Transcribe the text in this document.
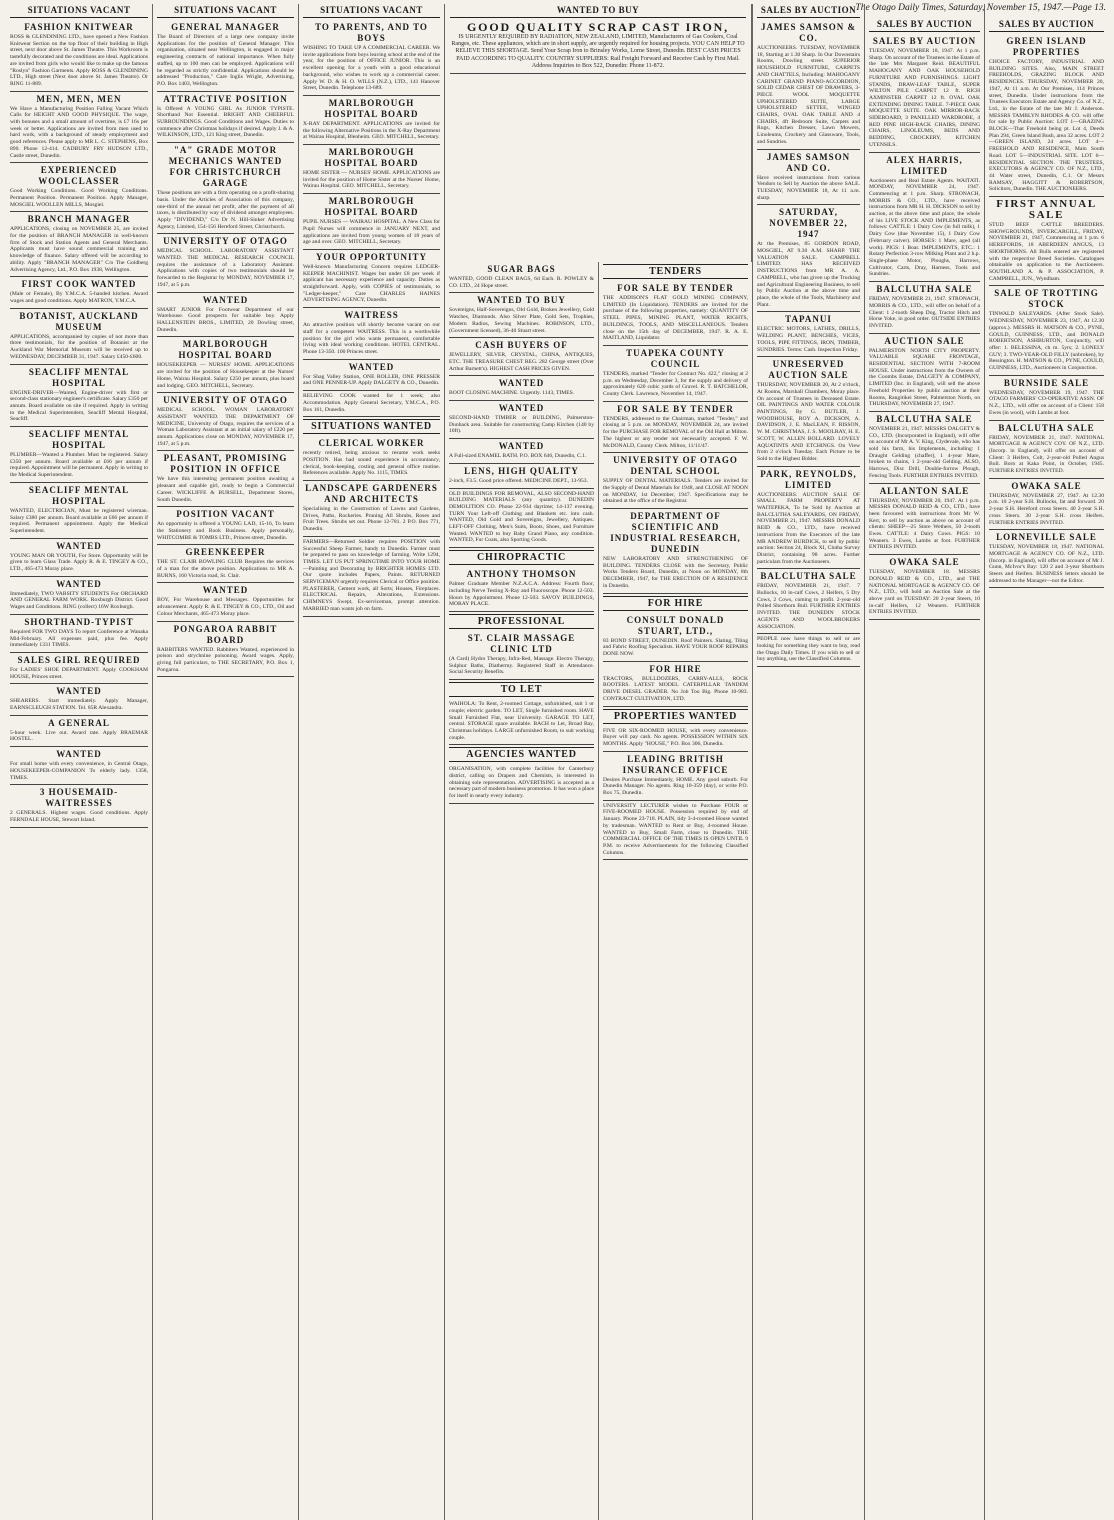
The Otago Daily Times, Saturday, November 15, 1947.—Page 13.
SITUATIONS VACANT
FASHION KNITWEAR
ROSS & GLENDINING LTD., have opened a New Fashion Knitwear Section on the top floor of their building in High street, next door above St. James Theatre. This Workroom is tastefully decorated and the conditions are ideal. Applications are invited from girls who would like to make up the famous "Roslyn" Fashion Garments. Apply ROSS & GLENDINING LTD., High street (Next door above St. James Theatre). Or RING 11-889.
MEN, MEN, MEN
We Have a Manufacturing Position Falling Vacant Which Calls for HEIGHT AND GOOD PHYSIQUE. The wage, with bonuses and a small amount of overtime, is £7 16s per week or better. Applications are invited from men used to hard work, with a background of steady employment and good references. Please apply to MR L. C. STEPHENS, Box 890. Phone 12-414. CADBURY FRY HUDSON LTD., Castle street, Dunedin.
EXPERIENCED WOOLCLASSER
Good Working Conditions. Good Working Conditions. Permanent Position. Permanent Position. Apply Manager, MOSGIEL WOOLLEN MILLS, Mosgiel.
BRANCH MANAGER
APPLICATIONS, closing on NOVEMBER 25, are invited for the position of BRANCH MANAGER in well-known firm of Stock and Station Agents and General Merchants. Applicants must have sound commercial training and knowledge of finance. Salary offered will be according to ability. Apply "BRANCH MANAGER" C/o The Goldberg Advertising Agency, Ltd., P.O. Box 1938, Wellington.
FIRST COOK WANTED
(Male or Female), By Y.M.C.A. 5-handed kitchen. Award wages and good conditions. Apply MATRON, Y.M.C.A.
BOTANIST, AUCKLAND MUSEUM
APPLICATIONS, accompanied by copies of not more than three testimonials, for the position of Botanist at the Auckland War Memorial Museum will be received up to WEDNESDAY, DECEMBER 31, 1947. Salary £450-£600.
SEACLIFF MENTAL HOSPITAL
ENGINE-DRIVER—Wanted, Engine-driver with first or second-class stationary engineer's certificate. Salary £350 per annum. Board available on site if required. Apply in writing to the Medical Superintendent, Seacliff Mental Hospital, Seacliff.
SEACLIFF MENTAL HOSPITAL
PLUMBER—Wanted a Plumber. Must be registered. Salary £350 per annum. Board available at £66 per annum if required. Appointment will be permanent. Apply in writing to the Medical Superintendent.
SEACLIFF MENTAL HOSPITAL
WANTED, ELECTRICIAN, Must be registered wireman. Salary £380 per annum. Board available at £66 per annum if required. Permanent appointment. Apply the Medical Superintendent.
WANTED
YOUNG MAN OR YOUTH, For Store. Opportunity will be given to learn Glass Trade. Apply R. & E. TINGEY & CO., LTD., 465-473 Moray place.
WANTED
Immediately, TWO VARSITY STUDENTS For ORCHARD AND GENERAL FARM WORK. Roxburgh District. Good Wages and Conditions. RING (collect) 16W Roxburgh.
SHORTHAND-TYPIST
Required FOR TWO DAYS To report Conference at Wanaka Mid-February. All expenses paid, plus fee. Apply immediately 1331 TIMES.
SALES GIRL REQUIRED
For LADIES' SHOE DEPARTMENT. Apply COOKHAM HOUSE, Princes street.
WANTED
SHEARERS. Start immediately. Apply Manager, EARNSCLEUGH STATION. Tel. 85R Alexandra.
A GENERAL
5-hour week. Live out. Award rate. Apply BRAEMAR HOSTEL.
WANTED
For small home with every convenience, in Central Otago, HOUSEKEEPER-COMPANION To elderly lady. 1358, TIMES.
3 HOUSEMAID-WAITRESSES
2 GENERALS. Highest wages. Good conditions. Apply FERNDALE HOUSE, Stewart Island.
SITUATIONS VACANT
GENERAL MANAGER
The Board of Directors of a large new company invite Applications for the position of General Manager. This organisation, situated near Wellington, is engaged in major engineering contracts of national importance. When fully staffed, up to 100 men can be employed. Applications will be regarded as strictly confidential. Applications should be addressed "Production," Care Inglis Wright, Advertising, P.O. Box 1403, Wellington.
ATTRACTIVE POSITION
Is Offered A YOUNG GIRL As JUNIOR TYPISTE. Shorthand Not Essential. BRIGHT AND CHEERFUL SURROUNDINGS. Good Conditions and Wages. Duties to commence after Christmas holidays if desired. Apply J. & A. WILKINSON, LTD., 121 King street, Dunedin.
"A" GRADE MOTOR MECHANICS WANTED FOR CHRISTCHURCH GARAGE
These positions are with a firm operating on a profit-sharing basis. Under the Articles of Association of this company, one-third of the annual net profit, after the payment of all taxes, is distributed by way of dividend amongst employees. Apply "DIVIDEND," C/o Dr N. Hill-Sinker Advertising Agency, Limited, 154-156 Hereford Street, Christchurch.
UNIVERSITY OF OTAGO
MEDICAL SCHOOL. LABORATORY ASSISTANT WANTED. THE MEDICAL RESEARCH COUNCIL requires the assistance of a Laboratory Assistant. Applications with copies of two testimonials should be forwarded to the Registrar by MONDAY, NOVEMBER 17, 1947, at 5 p.m.
WANTED
SMART JUNIOR For Footwear Department of our Warehouse. Good prospects for suitable boy. Apply HALLENSTEIN BROS., LIMITED, 20 Dowling street, Dunedin.
MARLBOROUGH HOSPITAL BOARD
HOUSEKEEPER — NURSES' HOME. APPLICATIONS are invited for the position of Housekeeper at the Nurses' Home, Wairau Hospital. Salary £250 per annum, plus board and lodging. GEO. MITCHELL, Secretary.
UNIVERSITY OF OTAGO
MEDICAL SCHOOL. WOMAN LABORATORY ASSISTANT WANTED. THE DEPARTMENT OF MEDICINE, University of Otago, requires the services of a Woman Laboratory Assistant at an initial salary of £220 per annum. Applications close on MONDAY, NOVEMBER 17, 1947, at 5 p.m.
PLEASANT, PROMISING POSITION IN OFFICE
We have this interesting permanent position awaiting a pleasant and capable girl, ready to begin a Commercial Career. WICKLIFFE & BURSELL, Department Stores, South Dunedin.
POSITION VACANT
An opportunity is offered a YOUNG LAD, 15-16, To learn the Stationery and Book Business. Apply personally, WHITCOMBE & TOMBS LTD., Princes street, Dunedin.
GREENKEEPER
THE ST. CLAIR BOWLING CLUB Requires the services of a man for the above position. Applications to MR A. BURNS, 160 Victoria road, St. Clair.
WANTED
BOY, For Warehouse and Messages. Opportunities for advancement. Apply R. & E. TINGEY & CO., LTD., Oil and Colour Merchants, 465-473 Moray place.
PONGAROA RABBIT BOARD
RABBITERS WANTED. Rabbiters Wanted, experienced in poison and strychnine poisoning. Award wages. Apply, giving full particulars, to THE SECRETARY, P.O. Box 1, Pongaroa.
SITUATIONS VACANT
TO PARENTS, AND TO BOYS
WISHING TO TAKE UP A COMMERCIAL CAREER. We invite applications from boys leaving school at the end of the year, for the position of OFFICE JUNIOR. This is an excellent opening for a youth with a good educational background, who wishes to work up a commercial career. Apply W. D. & H. O. WILLS (N.Z.), LTD., 141 Hanover Street, Dunedin. Telephone 13-689.
MARLBOROUGH HOSPITAL BOARD
X-RAY DEPARTMENT. APPLICATIONS are invited for the following Alternative Positions in the X-Ray Department at Wairau Hospital, Blenheim. GEO. MITCHELL, Secretary.
MARLBOROUGH HOSPITAL BOARD
HOME SISTER — NURSES' HOME. APPLICATIONS are invited for the position of Home Sister at the Nurses' Home, Wairau Hospital. GEO. MITCHELL, Secretary.
MARLBOROUGH HOSPITAL BOARD
PUPIL NURSES — WAIRAU HOSPITAL. A New Class for Pupil Nurses will commence in JANUARY NEXT, and applications are invited from young women of 18 years of age and over. GEO. MITCHELL, Secretary.
YOUR OPPORTUNITY
Well-known Manufacturing Concern requires LEDGER-KEEPER MACHINIST. Wages but under £8 per week if applicant has necessary experience and capacity. Duties as straightforward. Apply, with COPIES of testimonials, to "Ledger-keeper," Care CHARLES HAINES ADVERTISING AGENCY, Dunedin.
WAITRESS
An attractive position will shortly become vacant on our staff for a competent WAITRESS. This is a worthwhile position for the girl who wants permanent, comfortable living with ideal working conditions. HOTEL CENTRAL. Phone 13-350. 100 Princes street.
WANTED
For Shag Valley Station, ONE ROLLER, ONE PRESSER and ONE PENNER-UP. Apply DALGETY & CO., Dunedin.
RELIEVING COOK wanted for 1 week; also Accommodation. Apply General Secretary, Y.M.C.A., P.O. Box 161, Dunedin.
SITUATIONS WANTED
CLERICAL WORKER
recently retired, being anxious to resume work seeks POSITION. Has had sound experience in accountancy, clerical, book-keeping, costing and general office routine. References available. Apply No. 1115, TIMES.
LANDSCAPE GARDENERS AND ARCHITECTS
Specialising in the Construction of Lawns and Gardens, Drives, Paths, Rockeries. Pruning All Shrubs, Roses and Fruit Trees. Shrubs set out. Phone 12-781. 2 P.O. Box 771, Dunedin.
FARMERS—Returned Soldier requires POSITION with Successful Sheep Farmer, handy to Dunedin. Farmer must be prepared to pass on knowledge of farming. Write 1294, TIMES. LET US PUT SPRINGTIME INTO YOUR HOME—Painting and Decorating by BRIGHTER HOMES LTD. Our quote includes Papers, Paints. RETURNED SERVICEMAN urgently requires Clerical or Office position. PLASTERER, Cement work, all Sorts; Houses, Fireplaces. ELECTRICAL Repairs, Alterations, Extensions. CHIMNEYS Swept, Ex-serviceman, prompt attention. MARRIED man wants job on farm.
WANTED TO BUY
GOOD QUALITY SCRAP CAST IRON,
IS URGENTLY REQUIRED BY RADIATION, NEW ZEALAND, LIMITED, Manufacturers of Gas Cookers, Coal Ranges, etc. These appliances, which are in short supply, are urgently required for housing projects. YOU CAN HELP TO RELIEVE THIS SHORTAGE. Send Your Scrap Iron to Brinsley Works, Lorne Street, Dunedin. BEST CASH PRICES PAID ACCORDING TO QUALITY. COUNTRY SUPPLIERS: Rail Freight Forward and Receive Cash by First Mail. Address Inquiries to Box 522, Dunedin: Phone 11-872.
SUGAR BAGS
WANTED, GOOD CLEAN BAGS, 6d Each. R. POWLEY & CO. LTD., 24 Hope street.
WANTED TO BUY
Sovereigns, Half-Sovereigns, Old Gold, Broken Jewellery, Gold Watches, Diamonds. Also Silver Plate, Gold Sets, Trophies, Modern Radios, Sewing Machines. ROBINSON, LTD., (Government licensed), 36-40 Stuart street.
CASH BUYERS OF
JEWELLERY, SILVER, CRYSTAL, CHINA, ANTIQUES, ETC. THE TREASURE CHEST REG. 282 George street (Over Arthur Barnett's). HIGHEST CASH PRICES GIVEN.
WANTED
BOOT CLOSING MACHINE. Urgently. 1143, TIMES.
WANTED
SECOND-HAND TIMBER or BUILDING, Palmerston-Dunback area. Suitable for constructing Camp Kitchen (140 by 10ft).
WANTED
A Full-sized ENAMEL BATH. P.O. BOX 646, Dunedin, C.1.
LENS, HIGH QUALITY
2-inch, F3.5. Good price offered. MEDICINE DEPT., 13-953.
OLD BUILDINGS FOR REMOVAL, ALSO SECOND-HAND BUILDING MATERIALS (any quantity). DUNEDIN DEMOLITION CO. Phone 22-934 daytime; 14-137 evening. TURN Your Left-off Clothing and Blankets etc. into cash. WANTED, Old Gold and Sovereigns, Jewellery, Antiques. LEFT-OFF Clothing, Men's Suits, Boots, Shoes, and Furniture Wanted. WANTED to buy Baby Grand Piano, any condition. WANTED, Fur Coats, also Sporting Goods.
CHIROPRACTIC
ANTHONY THOMSON
Palmer Graduate Member N.Z.A.C.A. Address: Fourth floor, including Nerve Testing X-Ray and Fluoroscope. Phone 12-503. Hours by Appointment. Phone 12-503. SAVOY BUILDINGS, MORAY PLACE.
PROFESSIONAL
ST. CLAIR MASSAGE CLINIC LTD
(A Card) Hydro Therapy, Infra-Red, Massage. Electro Therapy, Sulphur Baths, Diathermy. Registered Staff in Attendance. Social Security Benefits.
TO LET
WAIHOLA: To Rent, 2-roomed Cottage, unfurnished, suit 1 or couple; electric garden. TO LET, Single furnished room. HAVE Small Furnished Flat, near University. GARAGE TO LET, central. STORAGE space available. BACH to Let, Broad Bay, Christmas holidays. LARGE unfurnished Room, to suit working couple.
AGENCIES WANTED
ORGANISATION, with complete facilities for Canterbury district, calling on Drapers and Chemists, is interested in obtaining sole representation. ADVERTISING is accepted as a necessary part of modern business promotion. It has won a place for itself in nearly every industry.
TENDERS
FOR SALE BY TENDER
THE ADDISON'S FLAT GOLD MINING COMPANY, LIMITED (In Liquidation). TENDERS are invited for the purchase of the following properties, namely: QUANTITY OF STEEL PIPES, MINING PLANT, WATER RIGHTS, BUILDINGS, TOOLS, AND MISCELLANEOUS. Tenders close on the 15th day of DECEMBER, 1947. R. A. E. MAITLAND, Liquidator.
TUAPEKA COUNTY COUNCIL
TENDERS, marked "Tender for Contract No. 422," closing at 2 p.m. on Wednesday, December 3, for the supply and delivery of approximately 620 cubic yards of Gravel. R. T. BATCHELOR, County Clerk. Lawrence, November 14, 1947.
FOR SALE BY TENDER
TENDERS, addressed to the Chairman, marked "Tender," and closing at 5 p.m. on MONDAY, NOVEMBER 24, are invited for the PURCHASE FOR REMOVAL of the Old Hall at Milton. The highest or any tender not necessarily accepted. F. W. McDONALD, County Clerk. Milton, 11/11/47.
UNIVERSITY OF OTAGO DENTAL SCHOOL
SUPPLY OF DENTAL MATERIALS. Tenders are invited for the Supply of Dental Materials for 1948, and CLOSE AT NOON on MONDAY, 1st December, 1947. Specifications may be obtained at the office of the Registrar.
DEPARTMENT OF SCIENTIFIC AND INDUSTRIAL RESEARCH, DUNEDIN
NEW LABORATORY AND STRENGTHENING OF BUILDING. TENDERS CLOSE with the Secretary, Public Works Tenders Board, Dunedin, at Noon on MONDAY, 8th DECEMBER, 1947, for THE ERECTION OF A RESIDENCE in Dunedin.
FOR HIRE
CONSULT DONALD STUART, LTD.,
83 BOND STREET, DUNEDIN. Roof Painters. Slating, Tiling and Fabric Roofing Specialists. HAVE YOUR ROOF REPAIRS DONE NOW.
FOR HIRE
TRACTORS, BULLDOZERS, CARRY-ALLS, ROCK ROOTERS. LATEST MODEL CATERPILLAR TANDEM DRIVE DIESEL GRADER. No Job Too Big. Phone 10-983. CONTRACT CULTIVATION, LTD.
PROPERTIES WANTED
FIVE OR SIX-ROOMED HOUSE, with every convenience. Buyer will pay cash. No agents. POSSESSION WITHIN SIX MONTHS. Apply "HOUSE," P.O. Box 306, Dunedin.
LEADING BRITISH INSURANCE OFFICE
Desires Purchase Immediately, HOME. Any good suburb. For Dunedin Manager. No agents. Ring 10-359 (day), or write P.O. Box 75, Dunedin.
UNIVERSITY LECTURER wishes to Purchase FOUR or FIVE-ROOMED HOUSE. Possession required by end of January. Phone 23-718. PLAIN, tidy 3-4-roomed House wanted by tradesman. WANTED to Rent or Buy, 4-roomed House. WANTED to Buy, Small Farm, close to Dunedin. THE COMMERCIAL OFFICE OF THE TIMES IS OPEN UNTIL 9 P.M. to receive Advertisements for the following Classified Columns.
SALES BY AUCTION
JAMES SAMSON & CO.
AUCTIONEERS. TUESDAY, NOVEMBER 18, Starting at 1.30 Sharp. In Our Downstairs Rooms, Dowling street. SUPERIOR HOUSEHOLD FURNITURE, CARPETS AND CHATTELS, Including: MAHOGANY CABINET GRAND PIANO-ACCORDION, SOLID CEDAR CHEST OF DRAWERS, 3-PIECE WOOL MOQUETTE UPHOLSTERED SUITE, LARGE UPHOLSTERED SETTEE, WINGED CHAIRS, OVAL OAK TABLE AND 4 CHAIRS, 4ft Bedroom Suite, Carpets and Rugs, Kitchen Dresser, Lawn Mowers, Linoleums, Crockery and Glassware, Tools, and Sundries.
JAMES SAMSON AND CO.
Have received instructions from various Vendors to Sell by Auction the above SALE. TUESDAY, NOVEMBER 18, At 11 a.m. sharp.
SATURDAY, NOVEMBER 22, 1947
At the Premises, 85 GORDON ROAD, MOSGIEL, AT 9.30 A.M. SHARP. THE VALUATION SALE. CAMPBELL LIMITED. HAS RECEIVED INSTRUCTIONS from MR A. A. CAMPBELL, who has given up the Trucking and Agricultural Engineering Business, to sell by Public Auction at the above time and place, the whole of the Tools, Machinery and Plant.
TAPANUI
ELECTRIC MOTORS, LATHES, DRILLS, WELDING PLANT, BENCHES, VICES, TOOLS, PIPE FITTINGS, IRON, TIMBER, SUNDRIES. Terms: Cash. Inspection Friday.
UNRESERVED AUCTION SALE
THURSDAY, NOVEMBER 20, At 2 o'clock, At Rooms, Marshall Chambers, Moray place. On account of Trustees in Deceased Estate. OIL PAINTINGS AND WATER COLOUR PAINTINGS, By G. BUTLER, J. WOODHOUSE, ROY A. DICKSON, A. DAVIDSON, J. E. MacLEAN, F. RISSON, W. M. CHRISTMAS, J. S. MOOLRAY, H. E. SCOTT, W. ALLEN BOLLARD. LOVELY AQUATINTS AND ETCHINGS. On View from 2 o'clock Tuesday. Each Picture to be Sold to the Highest Bidder.
PARK, REYNOLDS, LIMITED
AUCTIONEERS. AUCTION SALE OF SMALL FARM PROPERTY AT WAITEPEKA, To be Sold by Auction at BALCLUTHA SALEYARDS, ON FRIDAY, NOVEMBER 21, 1947. MESSRS DONALD REID & CO., LTD., have received instructions from the Executors of the late MR ANDREW BURDICK, to sell by public auction: Section 24, Block XI, Clutha Survey District, containing 98 acres. Further particulars from the Auctioneers.
BALCLUTHA SALE
FRIDAY, NOVEMBER 21, 1947. 7 Bullocks, 10 in-calf Cows, 2 Heifers, 5 Dry Cows, 2 Cows, coming to profit. 2-year-old Polled Shorthorn Bull. FURTHER ENTRIES INVITED. THE DUNEDIN STOCK AGENTS AND WOOLBROKERS ASSOCIATION.
PEOPLE now have things to sell or are looking for something they want to buy, read the Otago Daily Times. If you wish to sell or buy anything, use the Classified Columns.
SALES BY AUCTION
SALES BY AUCTION
TUESDAY, NOVEMBER 18, 1947. At 1 p.m. Sharp. On account of the Trustees in the Estate of the late Mrs Margaret Reid. BEAUTIFUL MAHOGANY AND OAK HOUSEHOLD FURNITURE AND FURNISHINGS. LIGHT STANDS, DRAW-LEAF TABLE, SUPER WILTON PILE CARPET 12 ft. RICH AXMINSTER CARPET 12 ft. OVAL OAK EXTENDING DINING TABLE. 7-PIECE OAK MOQUETTE SUITE. OAK MIRROR-BACK SIDEBOARD, 3 PANELLED WARDROBE, 4 RED PINE HIGH-BACK CHAIRS, DINING CHAIRS, LINOLEUMS, BEDS AND BEDDING, CROCKERY, KITCHEN UTENSILS.
ALEX HARRIS, LIMITED
Auctioneers and Real Estate Agents. WAITATI. MONDAY, NOVEMBER 24, 1947. Commencing at 1 p.m. Sharp. STRONACH, MORRIS & CO., LTD., have received instructions from MR H. H. DICKSON to sell by auction, at the above time and place, the whole of his LIVE STOCK AND IMPLEMENTS, as follows: CATTLE: 1 Dairy Cow (in full milk), 1 Dairy Cow (due November 15), 1 Dairy Cow (February calver). HORSES: 1 Mare, aged (all work). PIGS: 1 Boar. IMPLEMENTS, ETC.: 1 Rotary Perfection 3-row Milking Plant and 2 h.p. Single-phase Motor, Ploughs, Harrows, Cultivator, Carts, Dray, Harness, Tools and Sundries.
BALCLUTHA SALE
FRIDAY, NOVEMBER 21, 1947. STRONACH, MORRIS & CO., LTD., will offer on behalf of a Client: 1 2-tooth Sheep Dog, Tractor Hitch and Horse Yoke, in good order. OUTSIDE ENTRIES INVITED.
AUCTION SALE
PALMERSTON NORTH CITY PROPERTY. VALUABLE SQUARE FRONTAGE, RESIDENTIAL SECTION WITH 7-ROOM HOUSE. Under instructions from the Owners of the Coombs Estate, DALGETY & COMPANY, LIMITED (Inc. in England), will sell the above Freehold Properties by public auction at their Rooms, Rangitikei Street, Palmerston North, on THURSDAY, NOVEMBER 27, 1947.
BALCLUTHA SALE
NOVEMBER 21, 1947. MESSRS DALGETY & CO., LTD. (Incorporated in England), will offer on account of Mr A. V. King, Clydevale, who has sold his farm, his Implements, including: 1 Draught Gelding (chaffer), 1 4-year Mare, broken to chains, 1 2-year-old Gelding. ALSO, Harrows, Disc Drill, Double-furrow Plough, Fencing Tools. FURTHER ENTRIES INVITED.
ALLANTON SALE
THURSDAY, NOVEMBER 20, 1947. At 1 p.m. MESSRS DONALD REID & CO., LTD., have been favoured with instructions from Mr W. Kerr, to sell by auction as above on account of clients: SHEEP—25 Store Wethers, 50 2-tooth Ewes. CATTLE: 4 Dairy Cows. PIGS: 10 Weaners. 3 Ewes, Lambs at foot. FURTHER ENTRIES INVITED.
OWAKA SALE
TUESDAY, NOVEMBER 18. MESSRS DONALD REID & CO., LTD., and THE NATIONAL MORTGAGE & AGENCY CO. OF N.Z., LTD., will hold an Auction Sale at the above yard on TUESDAY: 20 2-year Steers, 10 in-calf Heifers, 12 Weaners. FURTHER ENTRIES INVITED.
SALES BY AUCTION
GREEN ISLAND PROPERTIES
CHOICE FACTORY, INDUSTRIAL AND BUILDING SITES. Also, MAIN STREET FREEHOLDS, GRAZING BLOCK AND RESIDENCES. THURSDAY, NOVEMBER 20, 1947, At 11 a.m. At Our Premises, 114 Princes street, Dunedin. Under instructions from the Trustees Executors Estate and Agency Co. of N.Z., Ltd., in the Estate of the late Mr J. Anderson. MESSRS TAMBLYN RHODES & CO. will offer for sale by Public Auction: LOT 1—GRAZING BLOCK—That Freehold being pt. Lot 4, Deeds Plan 294, Green Island Bush, area 32 acres. LOT 2—GREEN ISLAND, 24 acres. LOT 4—FREEHOLD AND RESIDENCE, Main South Road. LOT 5—INDUSTRIAL SITE. LOT 6—RESIDENTIAL SECTION. THE TRUSTEES, EXECUTORS & AGENCY CO. OF N.Z., LTD., 44 Water street, Dunedin, C.1. Or Messrs RAMSAY, HAGGITT & ROBERTSON, Solicitors, Dunedin. THE AUCTIONEERS.
FIRST ANNUAL SALE
STUD BEEF CATTLE BREEDERS. SHOWGROUNDS, INVERCARGILL, FRIDAY, NOVEMBER 21, 1947, Commencing at 1 p.m. 6 HEREFORDS, 18 ABERDEEN ANGUS, 13 SHORTHORNS. All Bulls entered are registered with the respective Breed Societies. Catalogues obtainable on application to the Auctioneers. SOUTHLAND A. & P. ASSOCIATION, P. CAMPBELL, JUN., Wyndham.
SALE OF TROTTING STOCK
TINWALD SALEYARDS. (After Stock Sale). WEDNESDAY, NOVEMBER 23, 1947, At 12.30 (approx.). MESSRS H. MATSON & CO., PYNE, GOULD, GUINNESS, LTD., and DONALD ROBERTSON, ASHBURTON, Conjunctly, will offer: 1. BELESSINA, ch m. 5yrs; 2. LONELY GUY; 3. TWO-YEAR-OLD FILLY (unbroken), by Bessington. H. MATSON & CO., PYNE, GOULD, GUINNESS, LTD., Auctioneers in Conjunction.
BURNSIDE SALE
WEDNESDAY, NOVEMBER 19, 1947. THE OTAGO FARMERS' CO-OPERATIVE ASSN. OF N.Z., LTD., will offer on account of a Client: 158 Ewes (in wool), with Lambs at foot.
BALCLUTHA SALE
FRIDAY, NOVEMBER 21, 1947. NATIONAL MORTGAGE & AGENCY COY. OF N.Z., LTD. (Incorp. in England), will offer on account of Client: 3 Heifers, Colt, 2-year-old Polled Angus Bull. Born at Kaka Point, in October, 1945. FURTHER ENTRIES INVITED.
OWAKA SALE
THURSDAY, NOVEMBER 27, 1947. At 12.30 p.m. 10 2-year S.H. Bullocks, fat and forward. 20 2-year S.H. Hereford cross Steers. 40 2-year S.H. cross Steers. 30 2-year S.H. cross Heifers. FURTHER ENTRIES INVITED.
LORNEVILLE SALE
TUESDAY, NOVEMBER 18, 1947. NATIONAL MORTGAGE & AGENCY CO. OF N.Z., LTD. (Incorp. in England), will offer on account of Mr J. Gunn, McIvor's Bay: 120 2 and 3-year Shorthorn Steers and Heifers. BUSINESS letters should be addressed to the Manager—not the Editor.
